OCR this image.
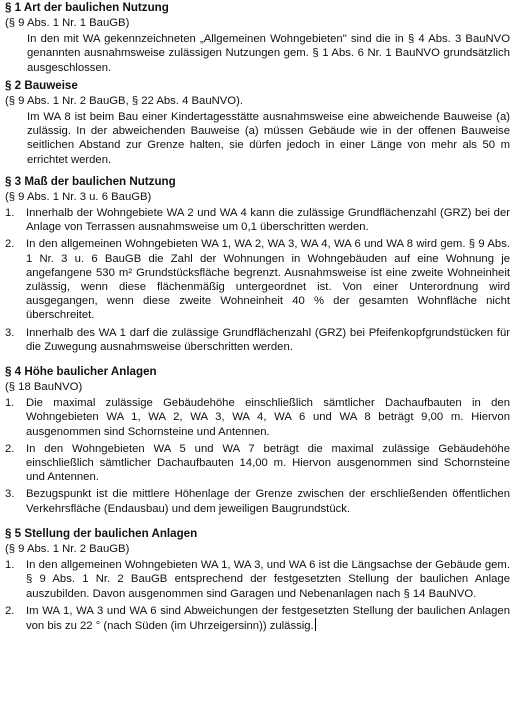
§ 1 Art der baulichen Nutzung
(§ 9 Abs. 1 Nr. 1 BauGB)
In den mit WA gekennzeichneten „Allgemeinen Wohngebieten" sind die in § 4 Abs. 3 BauNVO genannten ausnahmsweise zulässigen Nutzungen gem. § 1 Abs. 6 Nr. 1 BauNVO grundsätzlich ausgeschlossen.
§ 2 Bauweise
(§ 9 Abs. 1 Nr. 2 BauGB, § 22 Abs. 4 BauNVO).
Im WA 8 ist beim Bau einer Kindertagesstätte ausnahmsweise eine abweichende Bauweise (a) zulässig. In der abweichenden Bauweise (a) müssen Gebäude wie in der offenen Bauweise seitlichen Abstand zur Grenze halten, sie dürfen jedoch in einer Länge von mehr als 50 m errichtet werden.
§ 3 Maß der baulichen Nutzung
(§ 9 Abs. 1 Nr. 3 u. 6 BauGB)
1. Innerhalb der Wohngebiete WA 2 und WA 4 kann die zulässige Grundflächenzahl (GRZ) bei der Anlage von Terrassen ausnahmsweise um 0,1 überschritten werden.
2. In den allgemeinen Wohngebieten WA 1, WA 2, WA 3, WA 4, WA 6 und WA 8 wird gem. § 9 Abs. 1 Nr. 3 u. 6 BauGB die Zahl der Wohnungen in Wohngebäuden auf eine Wohnung je angefangene 530 m² Grundstücksfläche begrenzt. Ausnahmsweise ist eine zweite Wohneinheit zulässig, wenn diese flächenmäßig untergeordnet ist. Von einer Unterordnung wird ausgegangen, wenn diese zweite Wohneinheit 40 % der gesamten Wohnfläche nicht überschreitet.
3. Innerhalb des WA 1 darf die zulässige Grundflächenzahl (GRZ) bei Pfeifenkopfgrundstücken für die Zuwegung ausnahmsweise überschritten werden.
§ 4 Höhe baulicher Anlagen
(§ 18 BauNVO)
1. Die maximal zulässige Gebäudehöhe einschließlich sämtlicher Dachaufbauten in den Wohngebieten WA 1, WA 2, WA 3, WA 4, WA 6 und WA 8 beträgt 9,00 m. Hiervon ausgenommen sind Schornsteine und Antennen.
2. In den Wohngebieten WA 5 und WA 7 beträgt die maximal zulässige Gebäudehöhe einschließlich sämtlicher Dachaufbauten 14,00 m. Hiervon ausgenommen sind Schornsteine und Antennen.
3. Bezugspunkt ist die mittlere Höhenlage der Grenze zwischen der erschließenden öffentlichen Verkehrsfläche (Endausbau) und dem jeweiligen Baugrundstück.
§ 5 Stellung der baulichen Anlagen
(§ 9 Abs. 1 Nr. 2 BauGB)
1. In den allgemeinen Wohngebieten WA 1, WA 3, und WA 6 ist die Längsachse der Gebäude gem. § 9 Abs. 1 Nr. 2 BauGB entsprechend der festgesetzten Stellung der baulichen Anlage auszubilden. Davon ausgenommen sind Garagen und Nebenanlagen nach § 14 BauNVO.
2. Im WA 1, WA 3 und WA 6 sind Abweichungen der festgesetzten Stellung der baulichen Anlagen von bis zu 22 ° (nach Süden (im Uhrzeigersinn)) zulässig.
